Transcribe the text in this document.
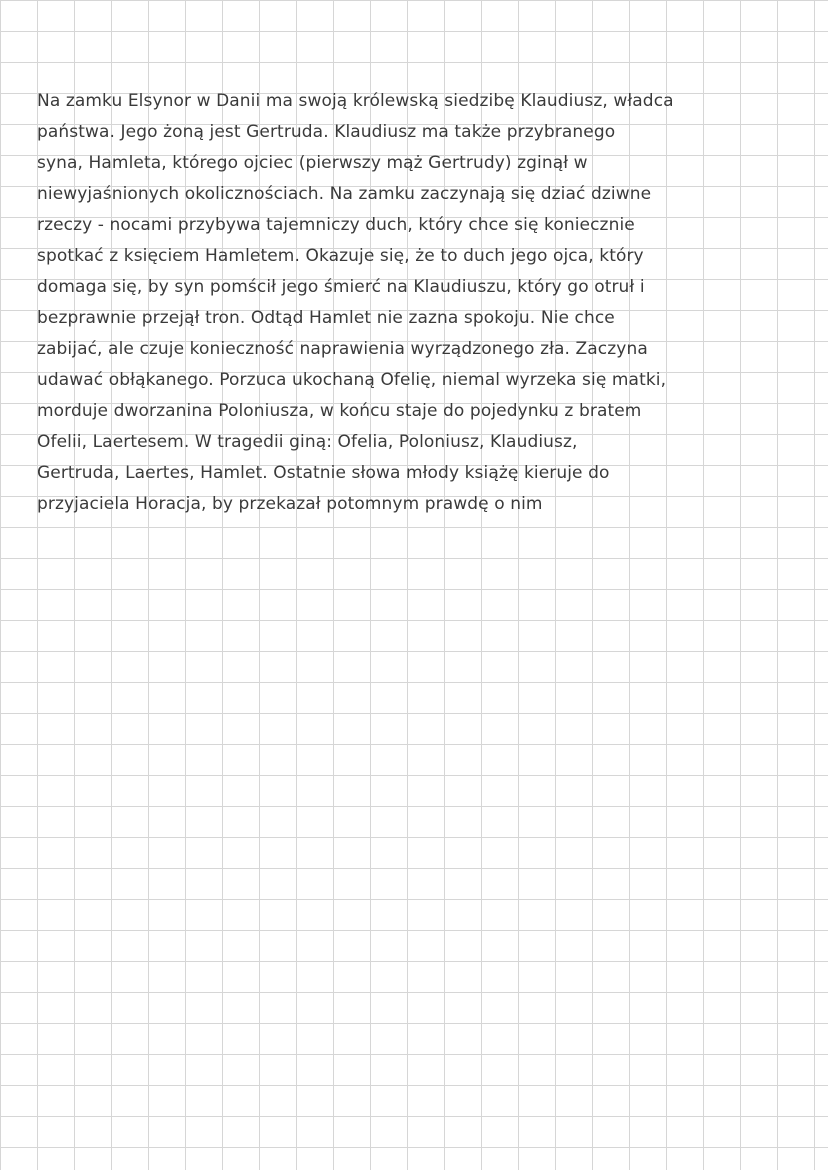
Na zamku Elsynor w Danii ma swoją królewską siedzibę Klaudiusz, władca
państwa. Jego żoną jest Gertruda. Klaudiusz ma także przybranego
syna, Hamleta, którego ojciec (pierwszy mąż Gertrudy) zginął w
niewyjaśnionych okolicznościach. Na zamku zaczynają się dziać dziwne
rzeczy - nocami przybywa tajemniczy duch, który chce się koniecznie
spotkać z księciem Hamletem. Okazuje się, że to duch jego ojca, który
domaga się, by syn pomścił jego śmierć na Klaudiuszu, który go otruł i
bezprawnie przejął tron. Odtąd Hamlet nie zazna spokoju. Nie chce
zabijać, ale czuje konieczność naprawienia wyrządzonego zła. Zaczyna
udawać obłąkanego. Porzuca ukochaną Ofelię, niemal wyrzeka się matki,
morduje dworzanina Poloniusza, w końcu staje do pojedynku z bratem
Ofelii, Laertesem. W tragedii giną: Ofelia, Poloniusz, Klaudiusz,
Gertruda, Laertes, Hamlet. Ostatnie słowa młody książę kieruje do
przyjaciela Horacja, by przekazał potomnym prawdę o nim
